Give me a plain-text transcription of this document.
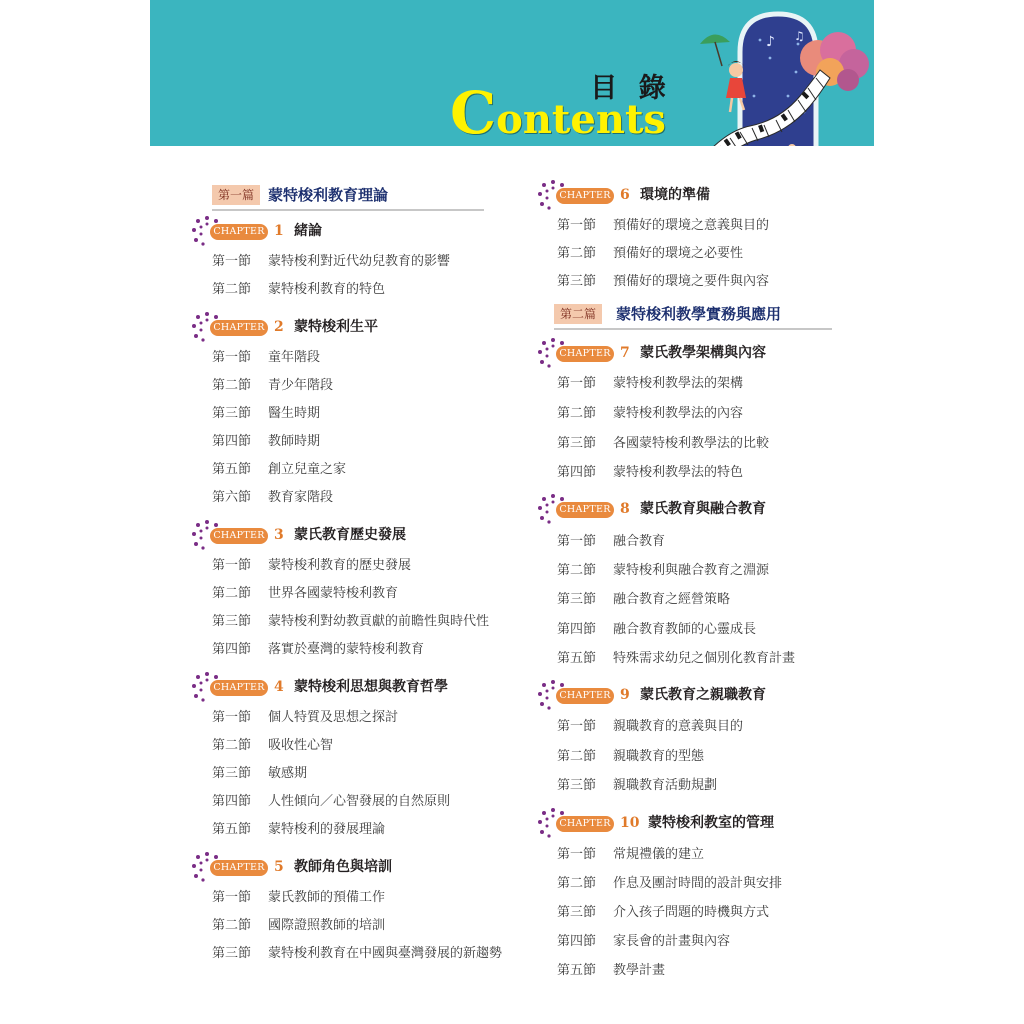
目 錄
Contents
♪ ♫
第一篇 蒙特梭利教育理論
CHAPTER 1 緒論
第一節 蒙特梭利對近代幼兒教育的影響
第二節 蒙特梭利教育的特色
CHAPTER 2 蒙特梭利生平
第一節 童年階段
第二節 青少年階段
第三節 醫生時期
第四節 教師時期
第五節 創立兒童之家
第六節 教育家階段
CHAPTER 3 蒙氏教育歷史發展
第一節 蒙特梭利教育的歷史發展
第二節 世界各國蒙特梭利教育
第三節 蒙特梭利對幼教貢獻的前瞻性與時代性
第四節 落實於臺灣的蒙特梭利教育
CHAPTER 4 蒙特梭利思想與教育哲學
第一節 個人特質及思想之探討
第二節 吸收性心智
第三節 敏感期
第四節 人性傾向／心智發展的自然原則
第五節 蒙特梭利的發展理論
CHAPTER 5 教師角色與培訓
第一節 蒙氏教師的預備工作
第二節 國際證照教師的培訓
第三節 蒙特梭利教育在中國與臺灣發展的新趨勢
CHAPTER 6 環境的準備
第一節 預備好的環境之意義與目的
第二節 預備好的環境之必要性
第三節 預備好的環境之要件與內容
第二篇	蒙特梭利教學實務與應用
CHAPTER 7 蒙氏教學架構與內容
第一節 蒙特梭利教學法的架構
第二節 蒙特梭利教學法的內容
第三節 各國蒙特梭利教學法的比較
第四節 蒙特梭利教學法的特色
CHAPTER 8 蒙氏教育與融合教育
第一節 融合教育
第二節 蒙特梭利與融合教育之淵源
第三節 融合教育之經營策略
第四節 融合教育教師的心靈成長
第五節 特殊需求幼兒之個別化教育計畫
CHAPTER 9 蒙氏教育之親職教育
第一節 親職教育的意義與目的
第二節 親職教育的型態
第三節 親職教育活動規劃
CHAPTER 10 蒙特梭利教室的管理
第一節 常規禮儀的建立
第二節 作息及團討時間的設計與安排
第三節 介入孩子問題的時機與方式
第四節 家長會的計畫與內容
第五節 教學計畫
